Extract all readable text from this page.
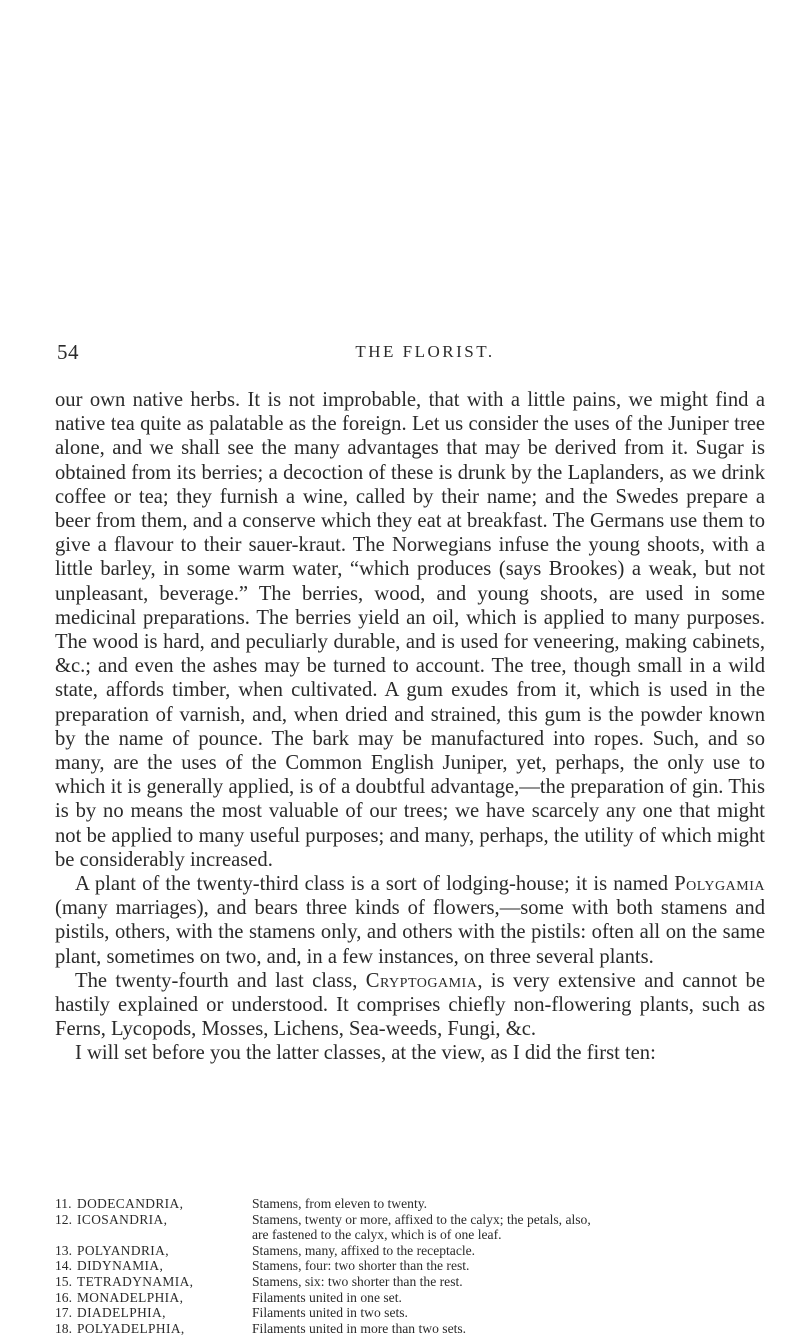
54	THE FLORIST.

our own native herbs. It is not improbable, that with a little pains, we might find a native tea quite as palatable as the foreign. Let us consider the uses of the Juniper tree alone, and we shall see the many advantages that may be derived from it. Sugar is obtained from its berries; a decoction of these is drunk by the Laplanders, as we drink coffee or tea; they furnish a wine, called by their name; and the Swedes prepare a beer from them, and a conserve which they eat at breakfast. The Germans use them to give a flavour to their sauer-kraut. The Norwegians infuse the young shoots, with a little barley, in some warm water, “which produces (says Brookes) a weak, but not unpleasant, beverage.” The berries, wood, and young shoots, are used in some medicinal preparations. The berries yield an oil, which is applied to many purposes. The wood is hard, and peculiarly durable, and is used for veneering, making cabinets, &c.; and even the ashes may be turned to account. The tree, though small in a wild state, affords timber, when cultivated. A gum exudes from it, which is used in the preparation of varnish, and, when dried and strained, this gum is the powder known by the name of pounce. The bark may be manufactured into ropes. Such, and so many, are the uses of the Common English Juniper, yet, perhaps, the only use to which it is generally applied, is of a doubtful advantage,—the preparation of gin. This is by no means the most valuable of our trees; we have scarcely any one that might not be applied to many useful purposes; and many, perhaps, the utility of which might be considerably increased.

A plant of the twenty-third class is a sort of lodging-house; it is named Polygamia (many marriages), and bears three kinds of flowers,—some with both stamens and pistils, others, with the stamens only, and others with the pistils: often all on the same plant, sometimes on two, and, in a few instances, on three several plants.

The twenty-fourth and last class, Cryptogamia, is very extensive and cannot be hastily explained or understood. It comprises chiefly non-flowering plants, such as Ferns, Lycopods, Mosses, Lichens, Sea-weeds, Fungi, &c.

I will set before you the latter classes, at the view, as I did the first ten:

11. DODECANDRIA,	Stamens, from eleven to twenty.
12. ICOSANDRIA,	Stamens, twenty or more, affixed to the calyx; the petals, also,
are fastened to the calyx, which is of one leaf.
13. POLYANDRIA,	Stamens, many, affixed to the receptacle.
14. DIDYNAMIA,	Stamens, four: two shorter than the rest.
15. TETRADYNAMIA,	Stamens, six: two shorter than the rest.
16. MONADELPHIA,	Filaments united in one set.
17. DIADELPHIA,	Filaments united in two sets.
18. POLYADELPHIA,	Filaments united in more than two sets.
